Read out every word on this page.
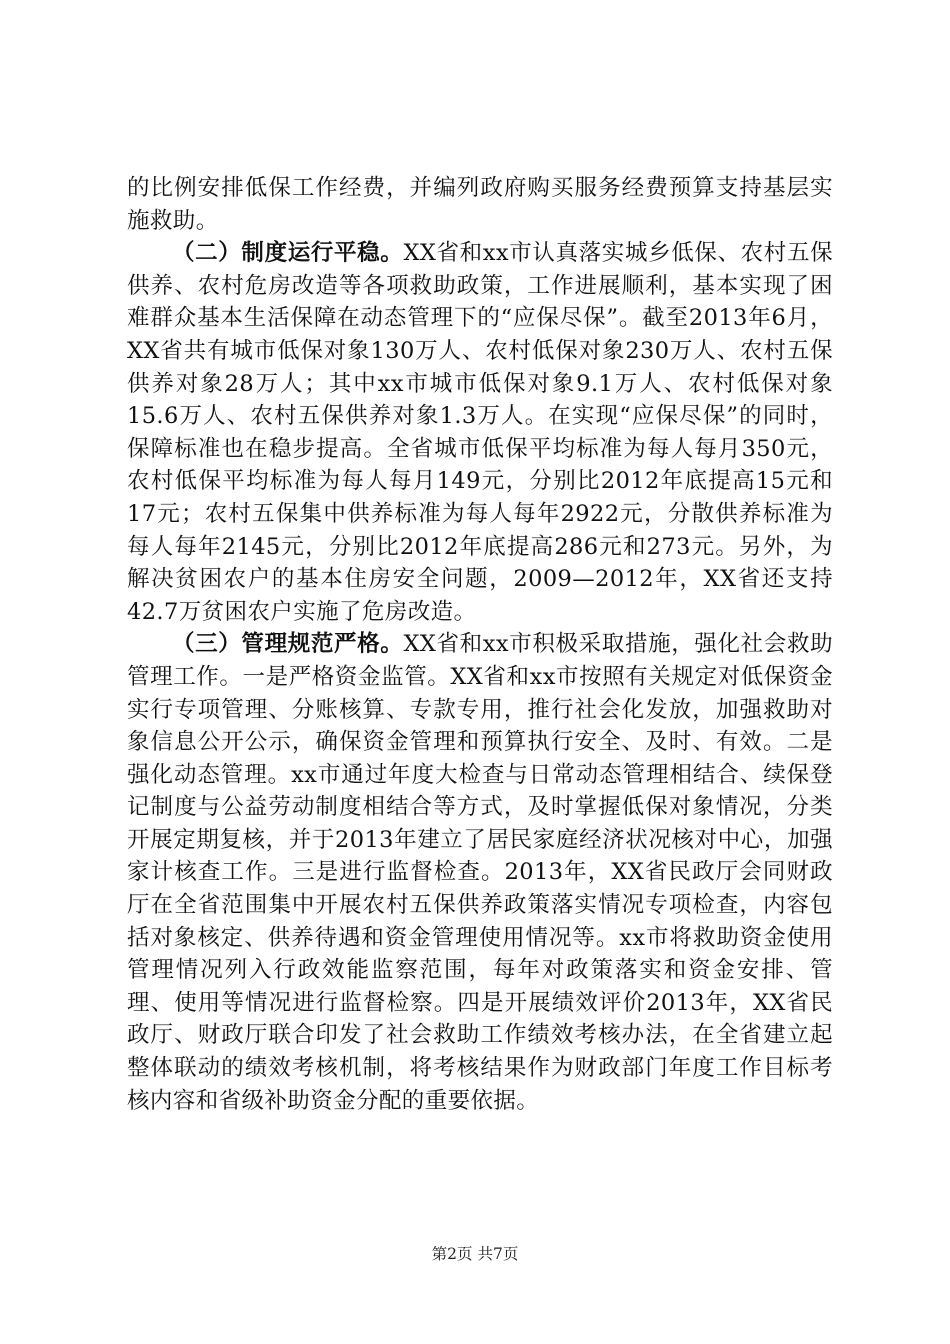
的比例安排低保工作经费，并编列政府购买服务经费预算支持基层实施救助。

（二）制度运行平稳。XX省和xx市认真落实城乡低保、农村五保供养、农村危房改造等各项救助政策，工作进展顺利，基本实现了困难群众基本生活保障在动态管理下的“应保尽保”。截至2013年6月，XX省共有城市低保对象130万人、农村低保对象230万人、农村五保供养对象28万人；其中xx市城市低保对象9.1万人、农村低保对象15.6万人、农村五保供养对象1.3万人。在实现“应保尽保”的同时，保障标准也在稳步提高。全省城市低保平均标准为每人每月350元，农村低保平均标准为每人每月149元，分别比2012年底提高15元和17元；农村五保集中供养标准为每人每年2922元，分散供养标准为每人每年2145元，分别比2012年底提高286元和273元。另外，为解决贫困农户的基本住房安全问题，2009—2012年，XX省还支持42.7万贫困农户实施了危房改造。

（三）管理规范严格。XX省和xx市积极采取措施，强化社会救助管理工作。一是严格资金监管。XX省和xx市按照有关规定对低保资金实行专项管理、分账核算、专款专用，推行社会化发放，加强救助对象信息公开公示，确保资金管理和预算执行安全、及时、有效。二是强化动态管理。xx市通过年度大检查与日常动态管理相结合、续保登记制度与公益劳动制度相结合等方式，及时掌握低保对象情况，分类开展定期复核，并于2013年建立了居民家庭经济状况核对中心，加强家计核查工作。三是进行监督检查。2013年，XX省民政厅会同财政厅在全省范围集中开展农村五保供养政策落实情况专项检查，内容包括对象核定、供养待遇和资金管理使用情况等。xx市将救助资金使用管理情况列入行政效能监察范围，每年对政策落实和资金安排、管理、使用等情况进行监督检察。四是开展绩效评价2013年，XX省民政厅、财政厅联合印发了社会救助工作绩效考核办法，在全省建立起整体联动的绩效考核机制，将考核结果作为财政部门年度工作目标考核内容和省级补助资金分配的重要依据。

第2页 共7页
